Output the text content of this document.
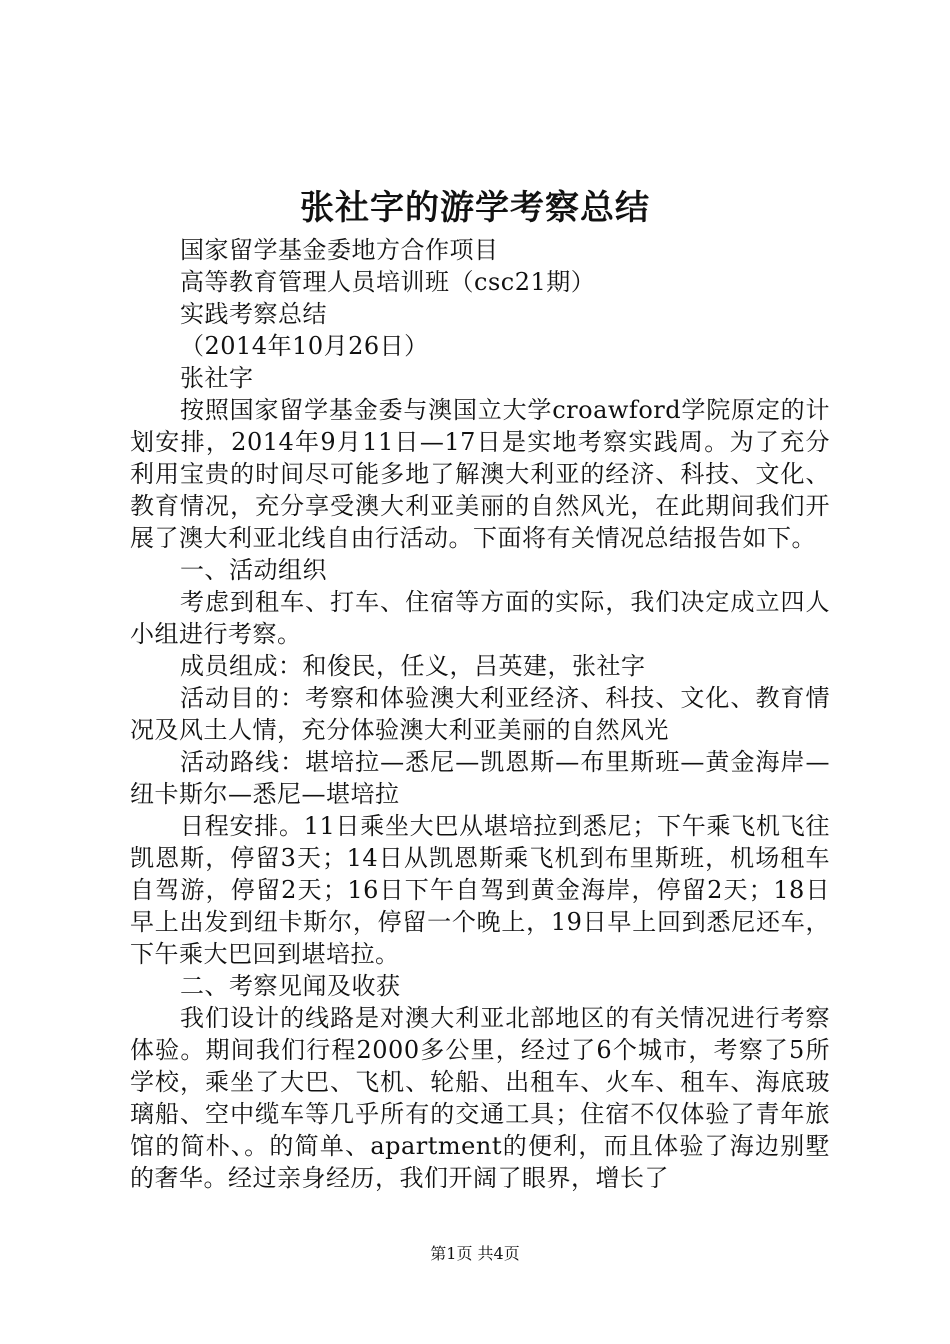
张社字的游学考察总结

国家留学基金委地方合作项目

高等教育管理人员培训班（csc21期）

实践考察总结

（2014年10月26日）

张社字

按照国家留学基金委与澳国立大学croawford学院原定的计划安排，2014年9月11日—17日是实地考察实践周。为了充分利用宝贵的时间尽可能多地了解澳大利亚的经济、科技、文化、教育情况，充分享受澳大利亚美丽的自然风光，在此期间我们开展了澳大利亚北线自由行活动。下面将有关情况总结报告如下。

一、活动组织

考虑到租车、打车、住宿等方面的实际，我们决定成立四人小组进行考察。

成员组成：和俊民，任义，吕英建，张社字

活动目的：考察和体验澳大利亚经济、科技、文化、教育情况及风土人情，充分体验澳大利亚美丽的自然风光

活动路线：堪培拉—悉尼—凯恩斯—布里斯班—黄金海岸—纽卡斯尔—悉尼—堪培拉

日程安排。11日乘坐大巴从堪培拉到悉尼；下午乘飞机飞往凯恩斯，停留3天；14日从凯恩斯乘飞机到布里斯班，机场租车自驾游，停留2天；16日下午自驾到黄金海岸，停留2天；18日早上出发到纽卡斯尔，停留一个晚上，19日早上回到悉尼还车，下午乘大巴回到堪培拉。

二、考察见闻及收获

我们设计的线路是对澳大利亚北部地区的有关情况进行考察体验。期间我们行程2000多公里，经过了6个城市，考察了5所学校，乘坐了大巴、飞机、轮船、出租车、火车、租车、海底玻璃船、空中缆车等几乎所有的交通工具；住宿不仅体验了青年旅馆的简朴、。的简单、apartment的便利，而且体验了海边别墅的奢华。经过亲身经历，我们开阔了眼界，增长了

第1页 共4页
